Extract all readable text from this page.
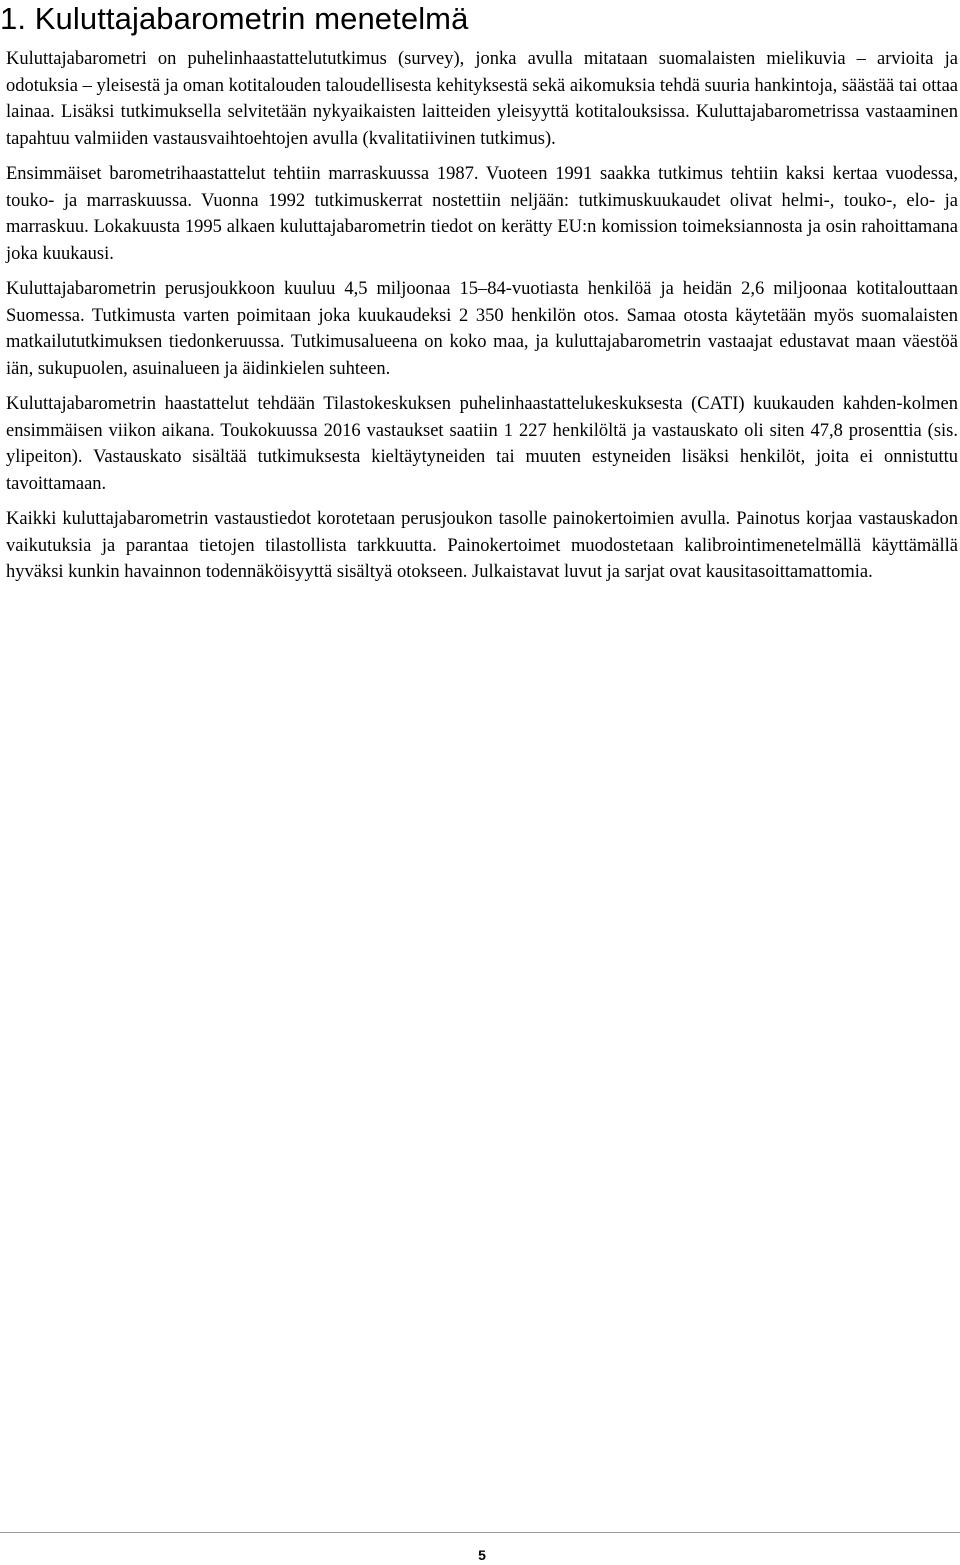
1. Kuluttajabarometrin menetelmä

Kuluttajabarometri on puhelinhaastattelututkimus (survey), jonka avulla mitataan suomalaisten mielikuvia – arvioita ja odotuksia – yleisestä ja oman kotitalouden taloudellisesta kehityksestä sekä aikomuksia tehdä suuria hankintoja, säästää tai ottaa lainaa. Lisäksi tutkimuksella selvitetään nykyaikaisten laitteiden yleisyyttä kotitalouksissa. Kuluttajabarometrissa vastaaminen tapahtuu valmiiden vastausvaihtoehtojen avulla (kvalitatiivinen tutkimus).

Ensimmäiset barometrihaastattelut tehtiin marraskuussa 1987. Vuoteen 1991 saakka tutkimus tehtiin kaksi kertaa vuodessa, touko- ja marraskuussa. Vuonna 1992 tutkimuskerrat nostettiin neljään: tutkimuskuukaudet olivat helmi-, touko-, elo- ja marraskuu. Lokakuusta 1995 alkaen kuluttajabarometrin tiedot on kerätty EU:n komission toimeksiannosta ja osin rahoittamana joka kuukausi.

Kuluttajabarometrin perusjoukkoon kuuluu 4,5 miljoonaa 15–84-vuotiasta henkilöä ja heidän 2,6 miljoonaa kotitalouttaan Suomessa. Tutkimusta varten poimitaan joka kuukaudeksi 2 350 henkilön otos. Samaa otosta käytetään myös suomalaisten matkailututkimuksen tiedonkeruussa. Tutkimusalueena on koko maa, ja kuluttajabarometrin vastaajat edustavat maan väestöä iän, sukupuolen, asuinalueen ja äidinkielen suhteen.

Kuluttajabarometrin haastattelut tehdään Tilastokeskuksen puhelinhaastattelukeskuksesta (CATI) kuukauden kahden-kolmen ensimmäisen viikon aikana. Toukokuussa 2016 vastaukset saatiin 1 227 henkilöltä ja vastauskato oli siten 47,8 prosenttia (sis. ylipeiton). Vastauskato sisältää tutkimuksesta kieltäytyneiden tai muuten estyneiden lisäksi henkilöt, joita ei onnistuttu tavoittamaan.

Kaikki kuluttajabarometrin vastaustiedot korotetaan perusjoukon tasolle painokertoimien avulla. Painotus korjaa vastauskadon vaikutuksia ja parantaa tietojen tilastollista tarkkuutta. Painokertoimet muodostetaan kalibrointimenetelmällä käyttämällä hyväksi kunkin havainnon todennäköisyyttä sisältyä otokseen. Julkaistavat luvut ja sarjat ovat kausitasoittamattomia.

5
